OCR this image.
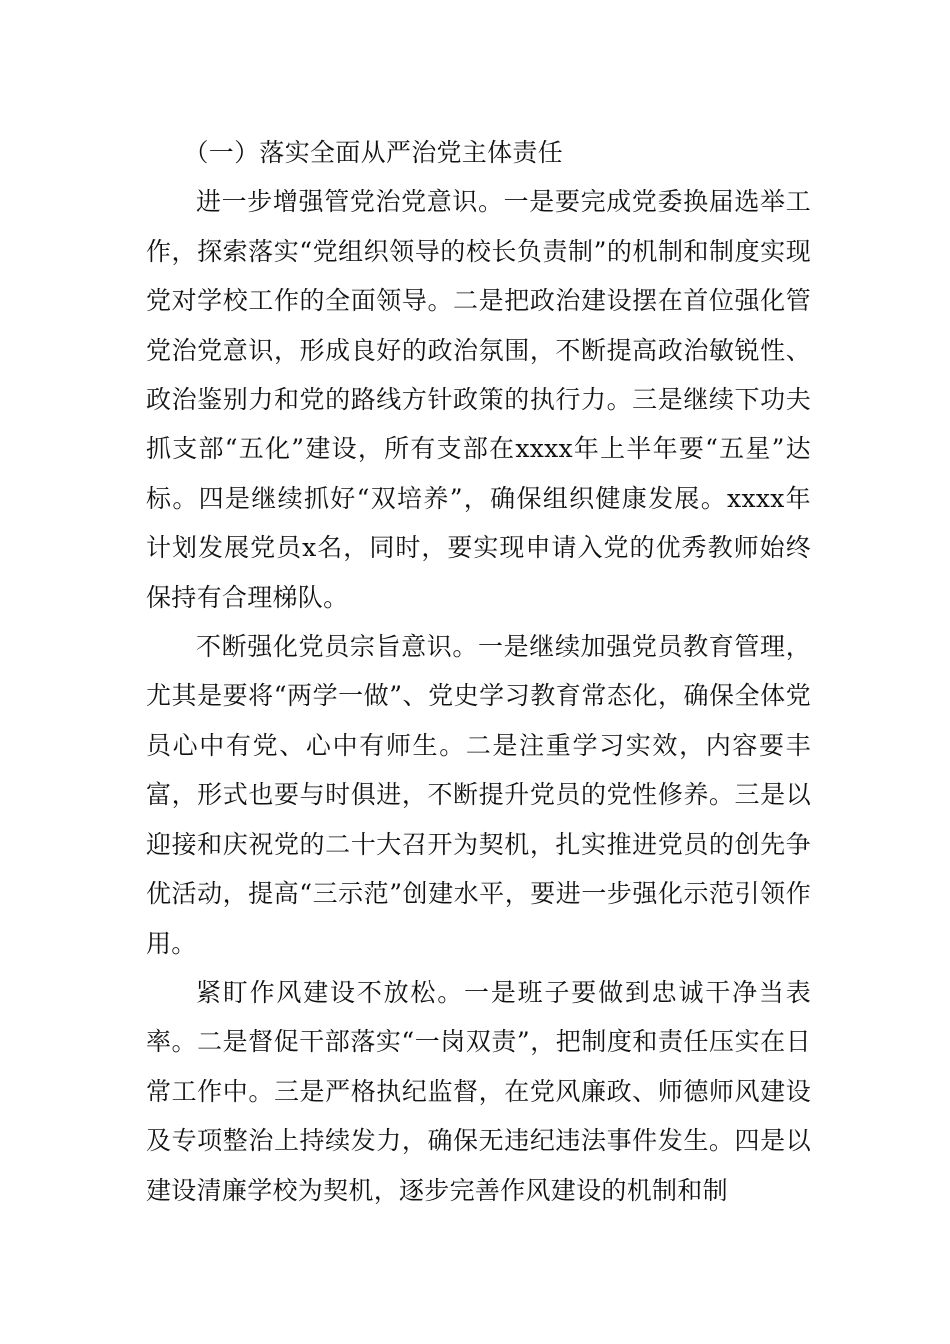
（一）落实全面从严治党主体责任

进一步增强管党治党意识。一是要完成党委换届选举工作，探索落实“党组织领导的校长负责制”的机制和制度实现党对学校工作的全面领导。二是把政治建设摆在首位强化管党治党意识，形成良好的政治氛围，不断提高政治敏锐性、政治鉴别力和党的路线方针政策的执行力。三是继续下功夫抓支部“五化”建设，所有支部在xxxx年上半年要“五星”达标。四是继续抓好“双培养”，确保组织健康发展。xxxx年计划发展党员x名，同时，要实现申请入党的优秀教师始终保持有合理梯队。

不断强化党员宗旨意识。一是继续加强党员教育管理，尤其是要将“两学一做”、党史学习教育常态化，确保全体党员心中有党、心中有师生。二是注重学习实效，内容要丰富，形式也要与时俱进，不断提升党员的党性修养。三是以迎接和庆祝党的二十大召开为契机，扎实推进党员的创先争优活动，提高“三示范”创建水平，要进一步强化示范引领作用。

紧盯作风建设不放松。一是班子要做到忠诚干净当表率。二是督促干部落实“一岗双责”，把制度和责任压实在日常工作中。三是严格执纪监督，在党风廉政、师德师风建设及专项整治上持续发力，确保无违纪违法事件发生。四是以建设清廉学校为契机，逐步完善作风建设的机制和制
